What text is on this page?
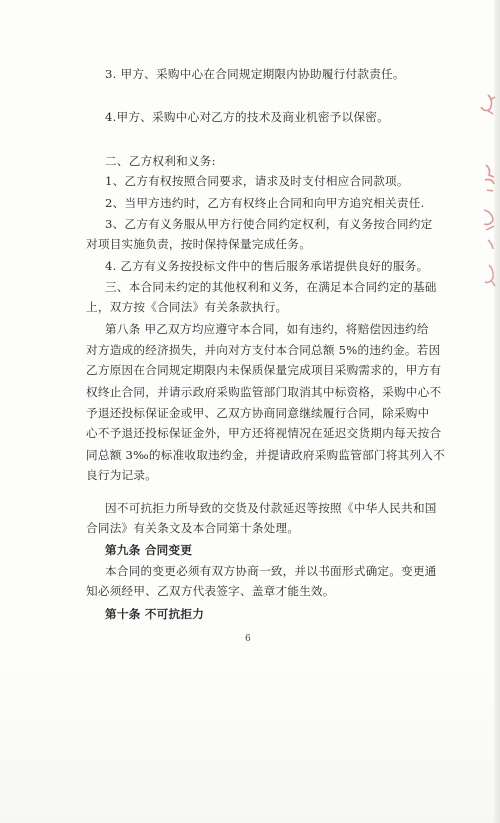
3. 甲方、采购中心在合同规定期限内协助履行付款责任。
4.甲方、采购中心对乙方的技术及商业机密予以保密。
二、乙方权利和义务:
1、乙方有权按照合同要求，请求及时支付相应合同款项。
2、当甲方违约时，乙方有权终止合同和向甲方追究相关责任.
3、乙方有义务服从甲方行使合同约定权利，有义务按合同约定
对项目实施负责，按时保持保量完成任务。
4. 乙方有义务按投标文件中的售后服务承诺提供良好的服务。
三、本合同未约定的其他权利和义务，在满足本合同约定的基础
上，双方按《合同法》有关条款执行。
第八条 甲乙双方均应遵守本合同，如有违约，将赔偿因违约给
对方造成的经济损失，并向对方支付本合同总额 5%的违约金。若因
乙方原因在合同规定期限内未保质保量完成项目采购需求的，甲方有
权终止合同，并请示政府采购监管部门取消其中标资格，采购中心不
予退还投标保证金或甲、乙双方协商同意继续履行合同，除采购中
心不予退还投标保证金外，甲方还将视情况在延迟交货期内每天按合
同总额 3‰的标准收取违约金，并提请政府采购监管部门将其列入不
良行为记录。
因不可抗拒力所导致的交货及付款延迟等按照《中华人民共和国
合同法》有关条文及本合同第十条处理。
第九条 合同变更
本合同的变更必须有双方协商一致，并以书面形式确定。变更通
知必须经甲、乙双方代表签字、盖章才能生效。
第十条 不可抗拒力
6
